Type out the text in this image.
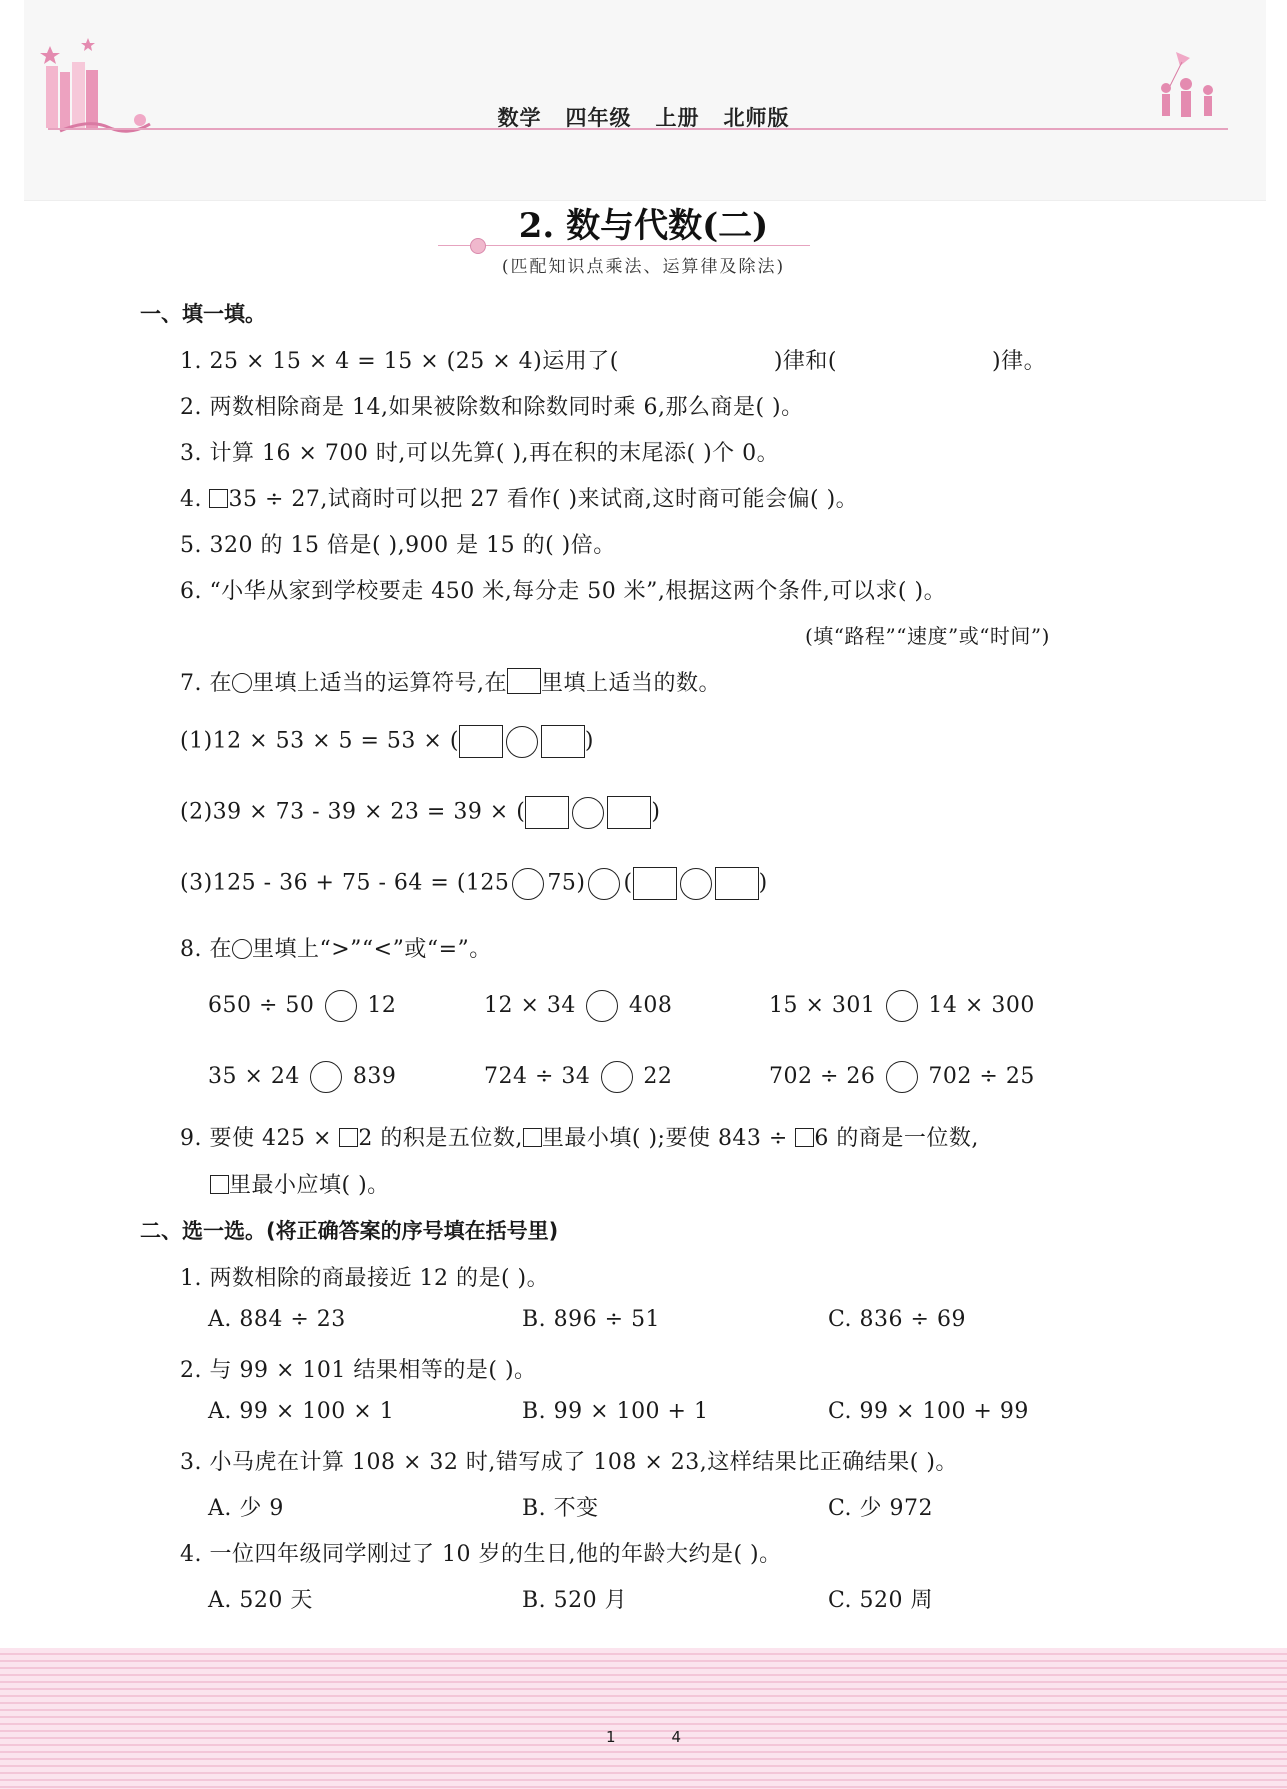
数学 四年级 上册 北师版
2. 数与代数(二)
(匹配知识点乘法、运算律及除法)
一、填一填。
1. 25 × 15 × 4 = 15 × (25 × 4)运用了(	)律和(	)律。
2. 两数相除商是 14,如果被除数和除数同时乘 6,那么商是( )。
3. 计算 16 × 700 时,可以先算( ),再在积的末尾添( )个 0。
4. 35 ÷ 27,试商时可以把 27 看作( )来试商,这时商可能会偏( )。
5. 320 的 15 倍是( ),900 是 15 的( )倍。
6. “小华从家到学校要走 450 米,每分走 50 米”,根据这两个条件,可以求( )。
(填“路程”“速度”或“时间”)
7. 在 里填上适当的运算符号,在 里填上适当的数。
(1)12 × 53 × 5 = 53 × (	)
(2)39 × 73 - 39 × 23 = 39 × (	)
(3)125 - 36 + 75 - 64 = (125 75) (	)
8. 在 里填上“>”“<”或“=”。
650 ÷ 50 12	12 × 34 408	15 × 301 14 × 300
35 × 24 839	724 ÷ 34 22	702 ÷ 26 702 ÷ 25
9. 要使 425 × 2 的积是五位数, 里最小填( );要使 843 ÷ 6 的商是一位数,
里最小应填( )。
二、选一选。(将正确答案的序号填在括号里)
1. 两数相除的商最接近 12 的是( )。
A. 884 ÷ 23	B. 896 ÷ 51	C. 836 ÷ 69
2. 与 99 × 101 结果相等的是( )。
A. 99 × 100 × 1	B. 99 × 100 + 1	C. 99 × 100 + 99
3. 小马虎在计算 108 × 32 时,错写成了 108 × 23,这样结果比正确结果( )。
A. 少 9	B. 不变	C. 少 972
4. 一位四年级同学刚过了 10 岁的生日,他的年龄大约是( )。
A. 520 天	B. 520 月	C. 520 周
14
